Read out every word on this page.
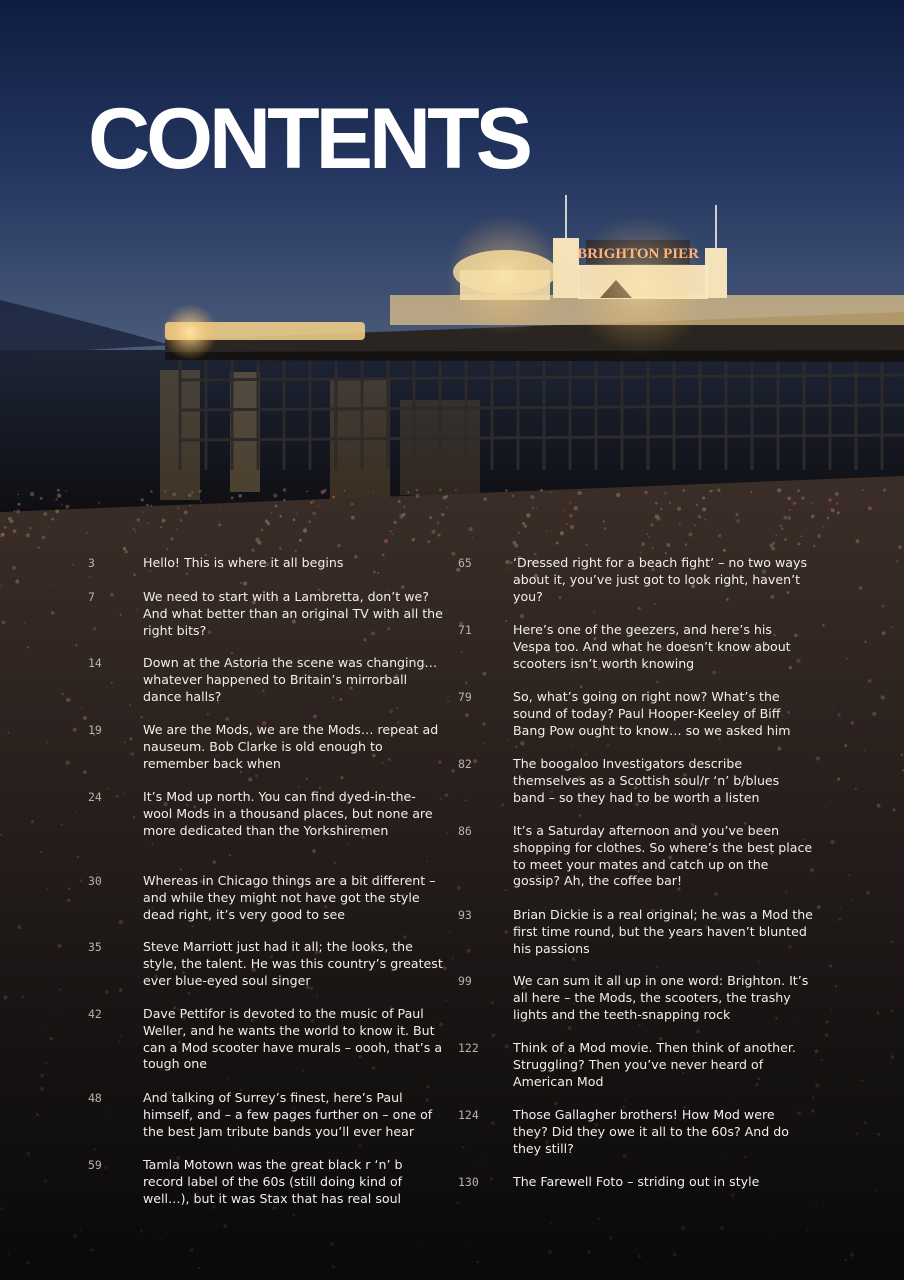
CONTENTS
3	Hello! This is where it all begins
7	We need to start with a Lambretta, don’t we? And what better than an original TV with all the right bits?
14	Down at the Astoria the scene was changing… whatever happened to Britain’s mirrorball dance halls?
19	We are the Mods, we are the Mods… repeat ad nauseum. Bob Clarke is old enough to remember back when
24	It’s Mod up north. You can find dyed-in-the-wool Mods in a thousand places, but none are more dedicated than the Yorkshiremen
30	Whereas in Chicago things are a bit different – and while they might not have got the style dead right, it’s very good to see
35	Steve Marriott just had it all; the looks, the style, the talent. He was this country’s greatest ever blue-eyed soul singer
42	Dave Pettifor is devoted to the music of Paul Weller, and he wants the world to know it. But can a Mod scooter have murals – oooh, that’s a tough one
48	And talking of Surrey’s finest, here’s Paul himself, and – a few pages further on – one of the best Jam tribute bands you’ll ever hear
59	Tamla Motown was the great black r ‘n’ b record label of the 60s (still doing kind of well…), but it was Stax that has real soul
65	‘Dressed right for a beach fight’ – no two ways about it, you’ve just got to look right, haven’t you?
71	Here’s one of the geezers, and here’s his Vespa too. And what he doesn’t know about scooters isn’t worth knowing
79	So, what’s going on right now? What’s the sound of today? Paul Hooper-Keeley of Biff Bang Pow ought to know… so we asked him
82	The boogaloo Investigators describe themselves as a Scottish soul/r ‘n’ b/blues band – so they had to be worth a listen
86	It’s a Saturday afternoon and you’ve been shopping for clothes. So where’s the best place to meet your mates and catch up on the gossip? Ah, the coffee bar!
93	Brian Dickie is a real original; he was a Mod the first time round, but the years haven’t blunted his passions
99	We can sum it all up in one word: Brighton. It’s all here – the Mods, the scooters, the trashy lights and the teeth-snapping rock
122	Think of a Mod movie. Then think of another. Struggling? Then you’ve never heard of American Mod
124	Those Gallagher brothers! How Mod were they? Did they owe it all to the 60s? And do they still?
130	The Farewell Foto – striding out in style
